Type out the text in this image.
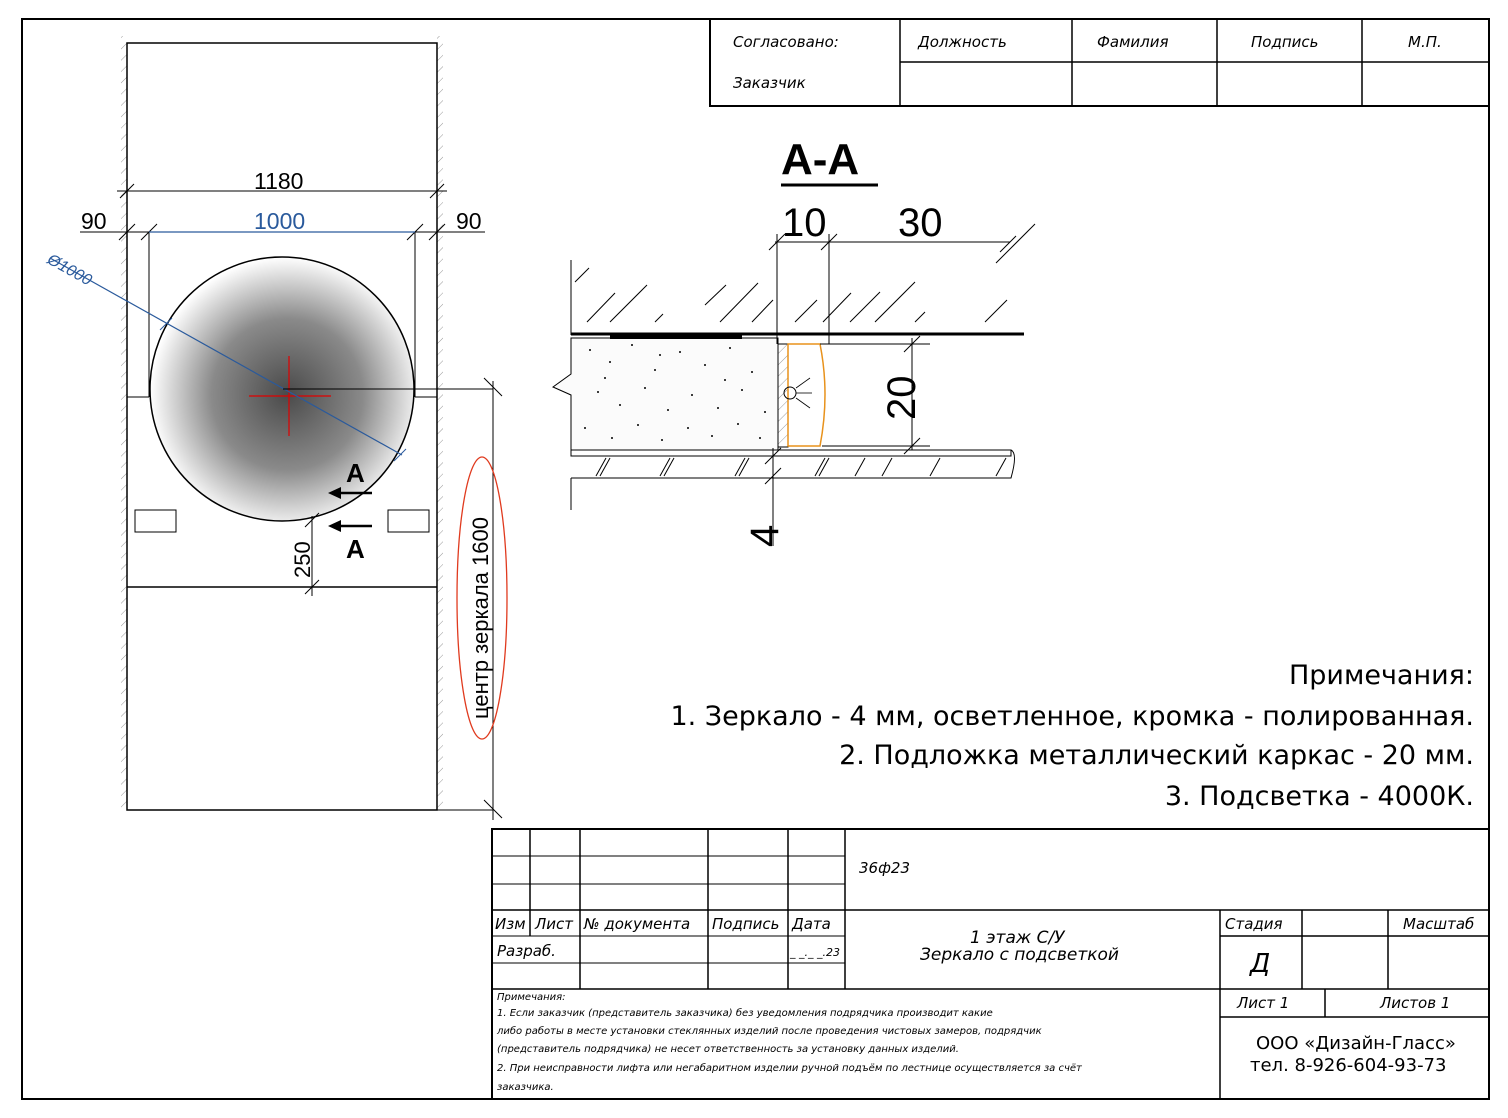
Согласовано:
Заказчик
Должность	Фамилия	Подпись	М.П.
1180
1000
90	90
Ø1000
250	центр зеркала 1600
A
A
A-A
10 30
20
4
Примечания:
1. Зеркало - 4 мм, осветленное, кромка - полированная.
2. Подложка металлический каркас - 20 мм.
3. Подсветка - 4000К.
36ф23
Изм Лист № документа Подпись Дата
Разраб.	_ _._ _.23
1 этаж С/У
Зеркало с подсветкой
Стадия
Д
Масштаб
Лист 1	Листов 1
ООО «Дизайн-Гласс»
тел. 8-926-604-93-73
Примечания:
1. Если заказчик (представитель заказчика) без уведомления подрядчика производит какие
либо работы в месте установки стеклянных изделий после проведения чистовых замеров, подрядчик
(представитель подрядчика) не несет ответственность за установку данных изделий.
2. При неисправности лифта или негабаритном изделии ручной подъём по лестнице осуществляется за счёт
заказчика.
